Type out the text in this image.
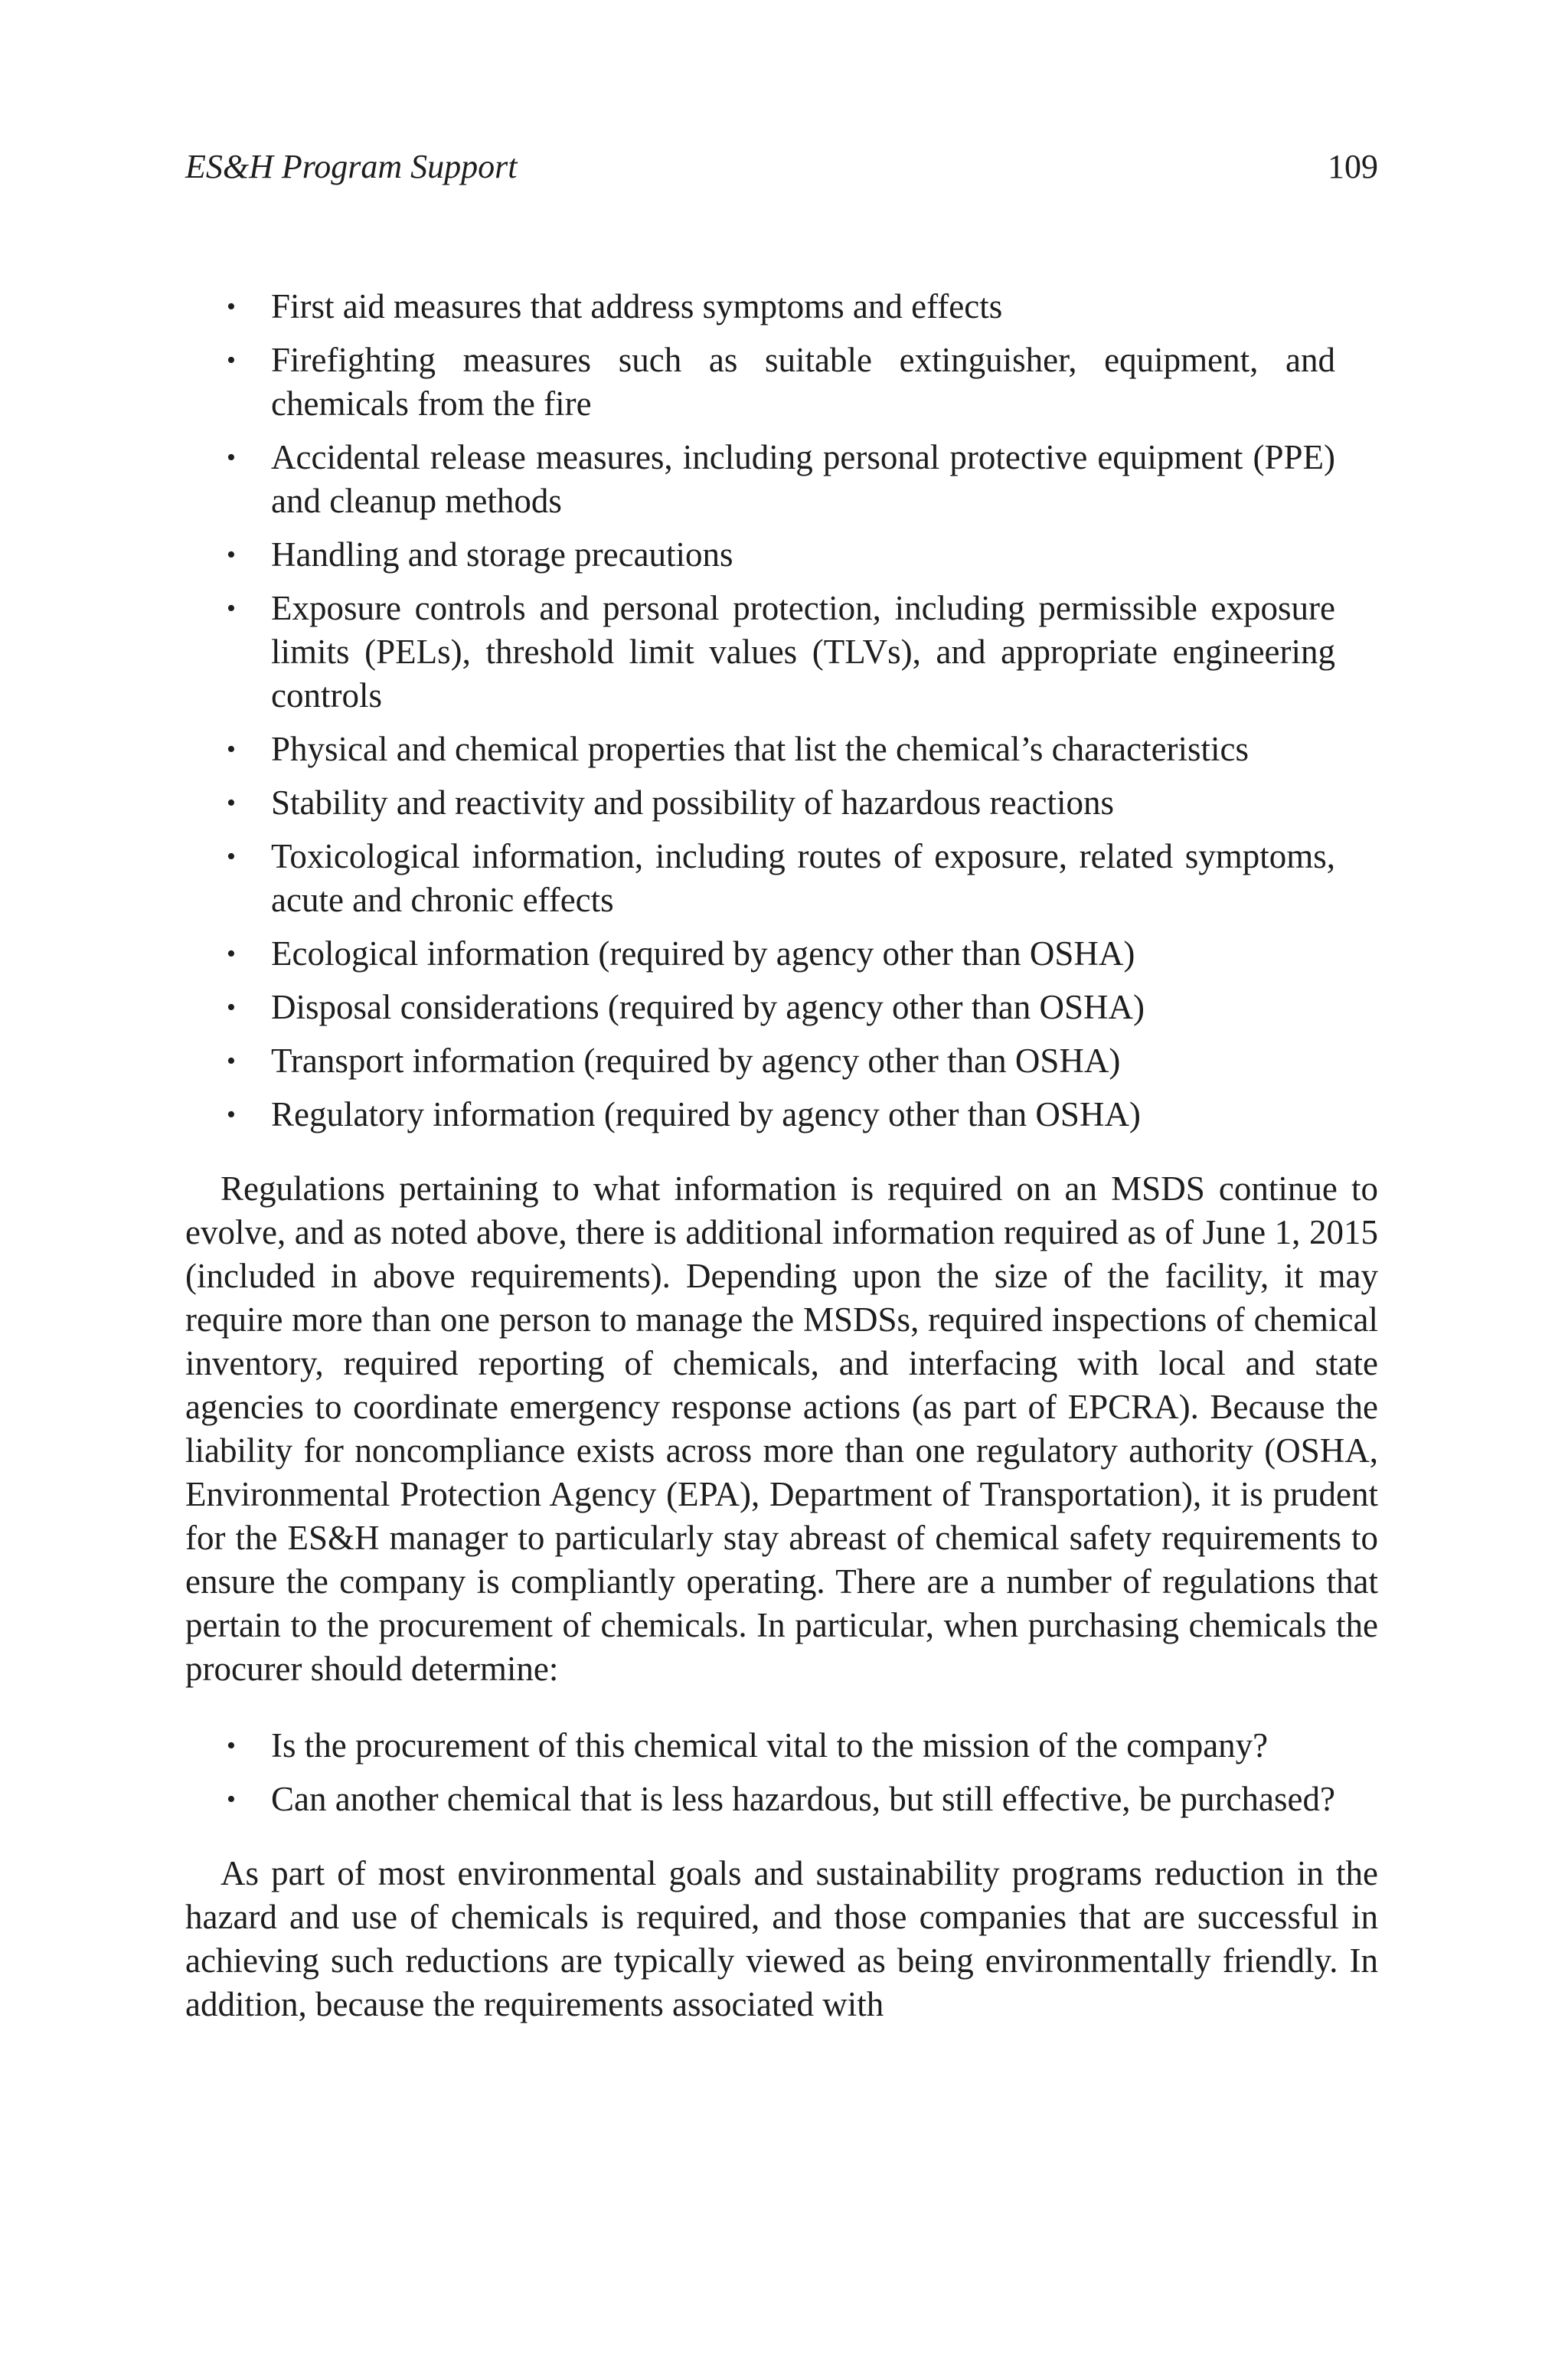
ES&H Program Support	109
• First aid measures that address symptoms and effects
• Firefighting measures such as suitable extinguisher, equipment, and chemicals from the fire
• Accidental release measures, including personal protective equipment (PPE) and cleanup methods
• Handling and storage precautions
• Exposure controls and personal protection, including permissible exposure limits (PELs), threshold limit values (TLVs), and appropriate engineering controls
• Physical and chemical properties that list the chemical’s characteristics
• Stability and reactivity and possibility of hazardous reactions
• Toxicological information, including routes of exposure, related symptoms, acute and chronic effects
• Ecological information (required by agency other than OSHA)
• Disposal considerations (required by agency other than OSHA)
• Transport information (required by agency other than OSHA)
• Regulatory information (required by agency other than OSHA)

Regulations pertaining to what information is required on an MSDS continue to evolve, and as noted above, there is additional information required as of June 1, 2015 (included in above requirements). Depending upon the size of the facility, it may require more than one person to manage the MSDSs, required inspections of chemical inventory, required reporting of chemicals, and interfacing with local and state agencies to coordinate emergency response actions (as part of EPCRA). Because the liability for noncompliance exists across more than one regulatory authority (OSHA, Environmental Protection Agency (EPA), Department of Transportation), it is prudent for the ES&H manager to particularly stay abreast of chemical safety requirements to ensure the company is compliantly operating. There are a number of regulations that pertain to the procurement of chemicals. In particular, when purchasing chemicals the procurer should determine:

• Is the procurement of this chemical vital to the mission of the company?
• Can another chemical that is less hazardous, but still effective, be purchased?

As part of most environmental goals and sustainability programs reduction in the hazard and use of chemicals is required, and those companies that are successful in achieving such reductions are typically viewed as being environmentally friendly. In addition, because the requirements associated with
